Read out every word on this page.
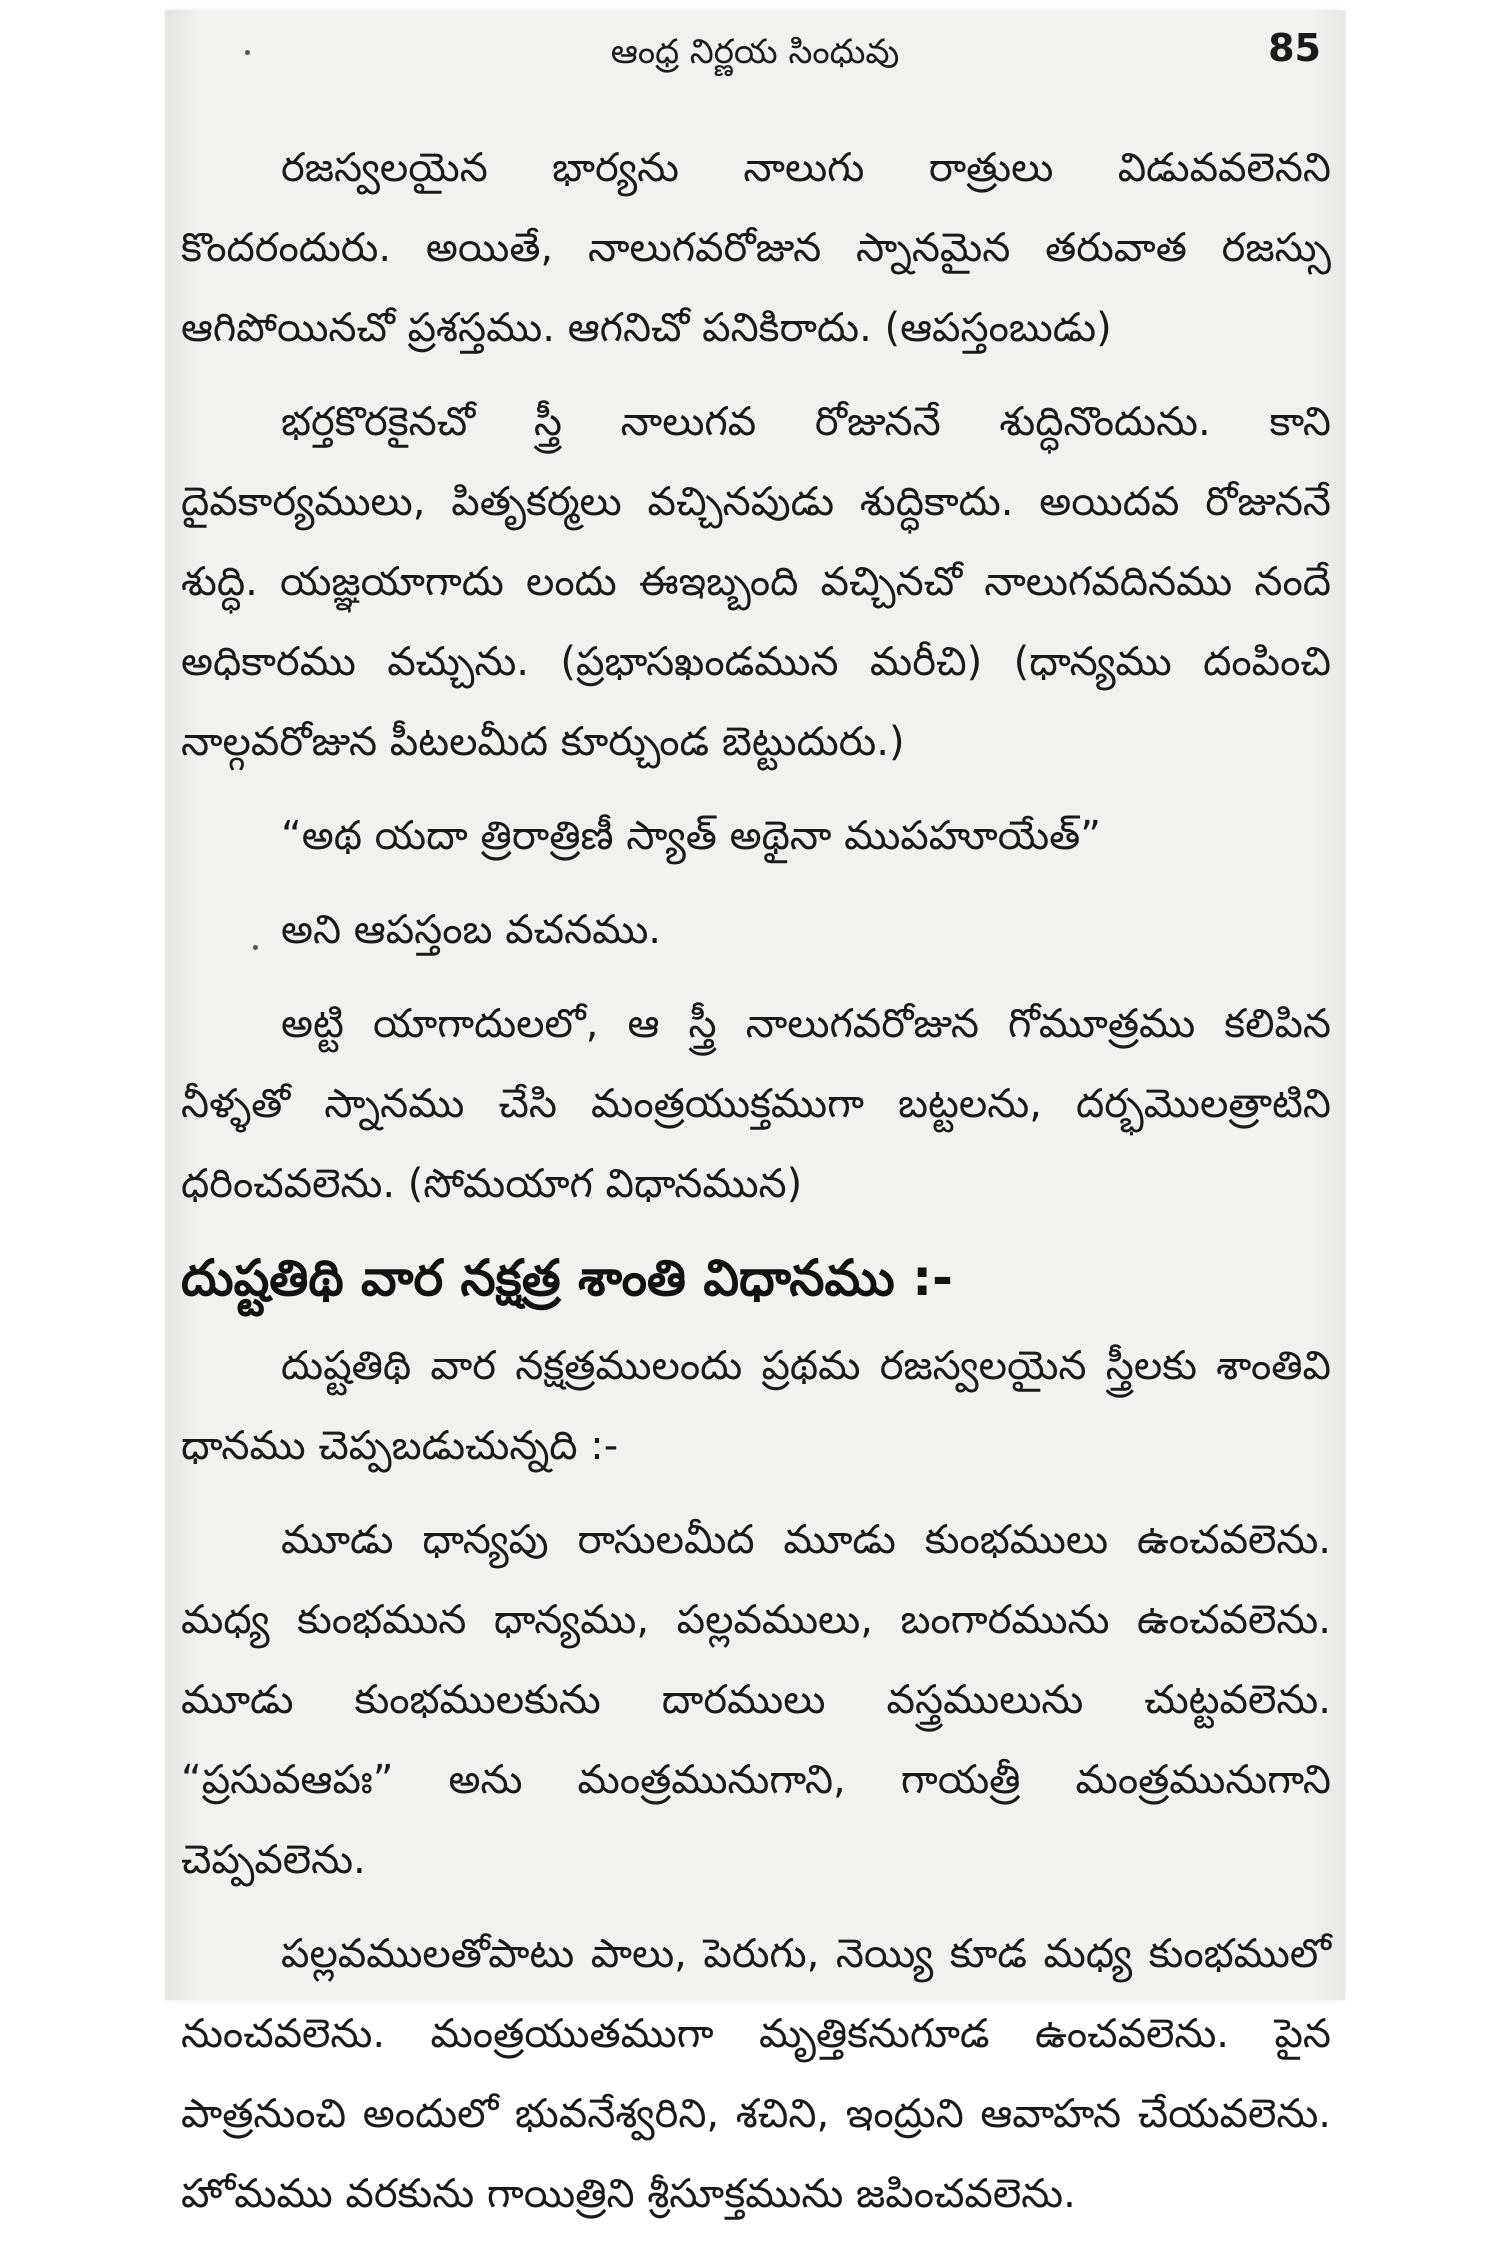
ఆంధ్ర నిర్ణయ సింధువు	85

రజస్వలయైన భార్యను నాలుగు రాత్రులు విడువవలెనని కొందరందురు. అయితే, నాలుగవరోజున స్నానమైన తరువాత రజస్సు ఆగిపోయినచో ప్రశస్తము. ఆగనిచో పనికిరాదు. (ఆపస్తంబుడు)

భర్తకొరకైనచో స్త్రీ నాలుగవ రోజుననే శుద్ధినొందును. కాని దైవకార్యములు, పితృకర్మలు వచ్చినపుడు శుద్ధికాదు. అయిదవ రోజుననే శుద్ధి. యజ్ఞయాగాదు లందు ఈఇబ్బంది వచ్చినచో నాలుగవదినము నందే అధికారము వచ్చును. (ప్రభాసఖండమున మరీచి) (ధాన్యము దంపించి నాల్గవరోజున పీటలమీద కూర్చుండ బెట్టుదురు.)

“అథ యదా త్రిరాత్రిణీ స్యాత్ అథైనా ముపహూయేత్”

అని ఆపస్తంబ వచనము.

అట్టి యాగాదులలో, ఆ స్త్రీ నాలుగవరోజున గోమూత్రము కలిపిన నీళ్ళతో స్నానము చేసి మంత్రయుక్తముగా బట్టలను, దర్భమొలత్రాటిని ధరించవలెను. (సోమయాగ విధానమున)

దుష్టతిథి వార నక్షత్ర శాంతి విధానము :-

దుష్టతిథి వార నక్షత్రములందు ప్రథమ రజస్వలయైన స్త్రీలకు శాంతివి ధానము చెప్పబడుచున్నది :-

మూడు ధాన్యపు రాసులమీద మూడు కుంభములు ఉంచవలెను. మధ్య కుంభమున ధాన్యము, పల్లవములు, బంగారమును ఉంచవలెను. మూడు కుంభములకును దారములు వస్త్రములును చుట్టవలెను. “ప్రసువఆపః” అను మంత్రమునుగాని, గాయత్రీ మంత్రమునుగాని చెప్పవలెను.

పల్లవములతోపాటు పాలు, పెరుగు, నెయ్యి కూడ మధ్య కుంభములో నుంచవలెను. మంత్రయుతముగా మృత్తికనుగూడ ఉంచవలెను. పైన పాత్రనుంచి అందులో భువనేశ్వరిని, శచిని, ఇంద్రుని ఆవాహన చేయవలెను. హోమము వరకును గాయిత్రిని శ్రీసూక్తమును జపించవలెను.
